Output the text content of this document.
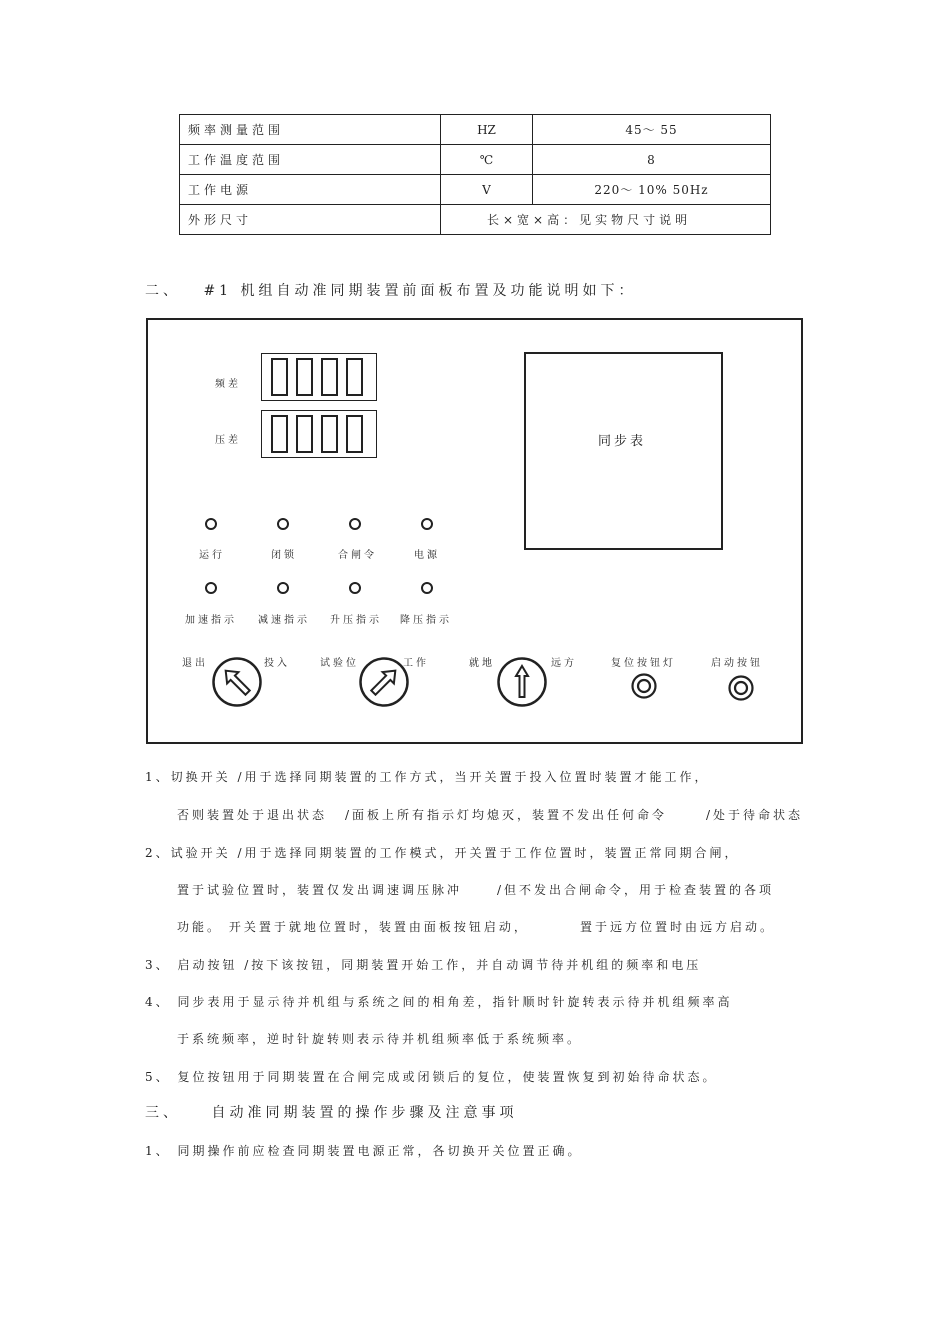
频率测量范围	HZ	45～ 55
工作温度范围	℃	8
工作电源	V	220～ 10% 50Hz
外形尺寸	长×宽×高：见实物尺寸说明	
二、 #1 机组自动准同期装置前面板布置及功能说明如下：
频差
压差	同步表
运行	闭锁	合闸令	电源
加速指示 减速指示 升压指示 降压指示
退出	投入	试验位	工作	就地	远方	复位按钮灯	启动按钮
1、切换开关 /用于选择同期装置的工作方式，当开关置于投入位置时装置才能工作，
否则装置处于退出状态 /面板上所有指示灯均熄灭，装置不发出任何命令	/处于待命状态
2、试验开关 /用于选择同期装置的工作模式，开关置于工作位置时，装置正常同期合闸，
置于试验位置时，装置仅发出调速调压脉冲	/但不发出合闸命令，用于检查装置的各项
功能。 开关置于就地位置时，装置由面板按钮启动，	置于远方位置时由远方启动。
3、 启动按钮 /按下该按钮，同期装置开始工作，并自动调节待并机组的频率和电压
4、 同步表用于显示待并机组与系统之间的相角差，指针顺时针旋转表示待并机组频率高
于系统频率，逆时针旋转则表示待并机组频率低于系统频率。
5、 复位按钮用于同期装置在合闸完成或闭锁后的复位，使装置恢复到初始待命状态。
三、 自动准同期装置的操作步骤及注意事项
1、 同期操作前应检查同期装置电源正常，各切换开关位置正确。
